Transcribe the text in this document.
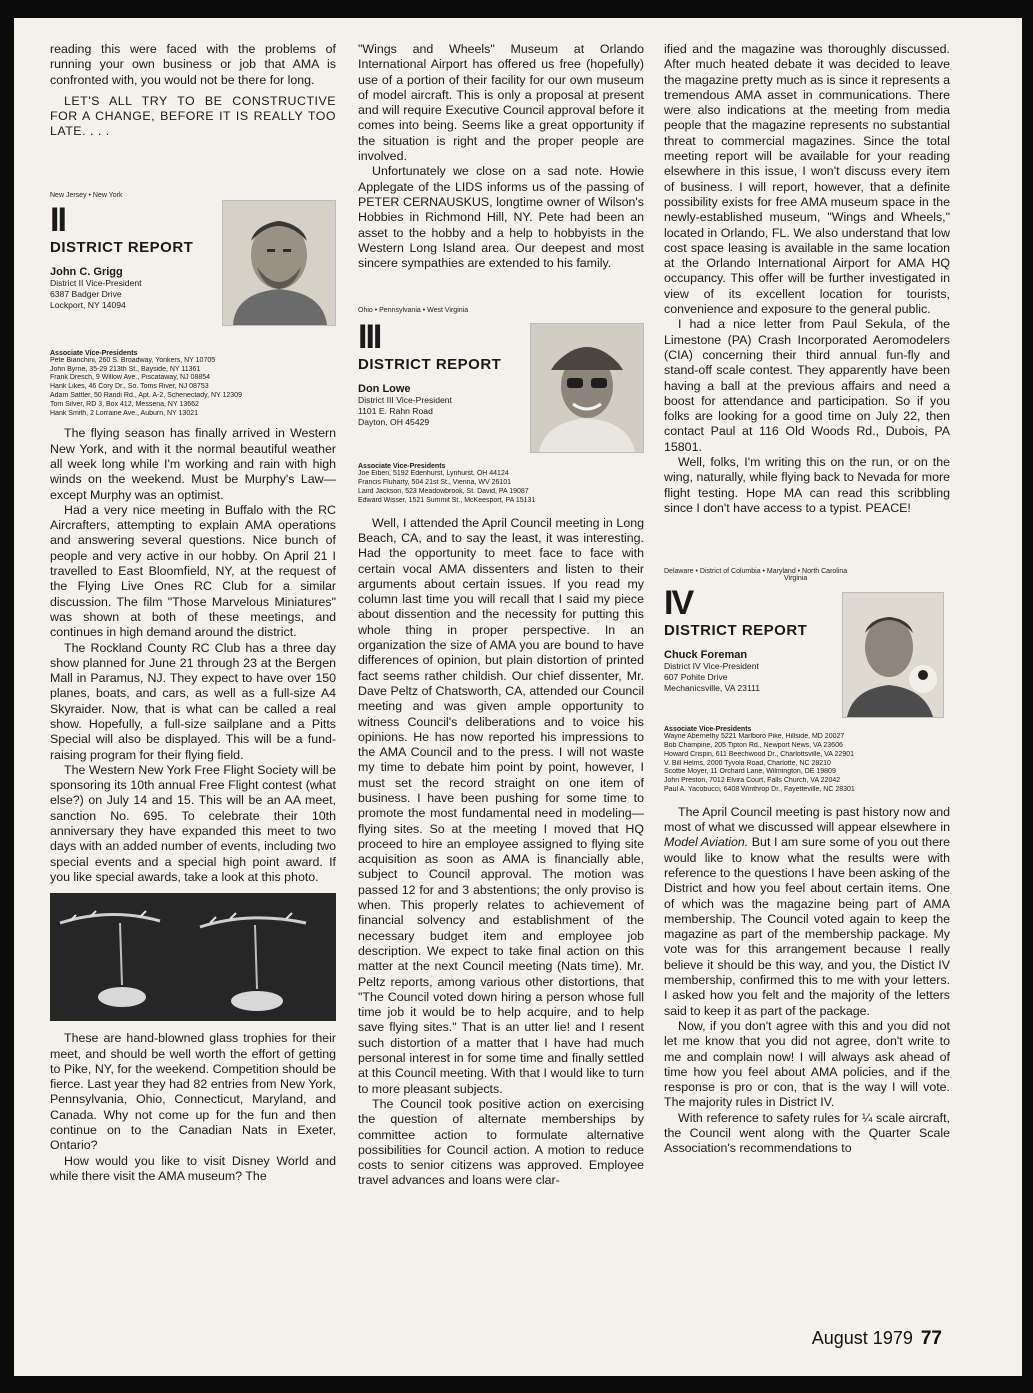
reading this were faced with the problems of running your own business or job that AMA is confronted with, you would not be there for long.

LET'S ALL TRY TO BE CONSTRUCTIVE FOR A CHANGE, BEFORE IT IS REALLY TOO LATE. . . .

New Jersey • New York
II
DISTRICT REPORT

John C. Grigg

District II Vice-President

6387 Badger Drive

Lockport, NY 14094

Associate Vice-Presidents

Pete Bianchini, 260 S. Broadway, Yonkers, NY 10705

John Byrne, 35-29 213th St., Bayside, NY 11361

Frank Dresch, 9 Willow Ave., Piscataway, NJ 08854

Hank Likes, 46 Cory Dr., So. Toms River, NJ 08753

Adam Sattler, 50 Randi Rd., Apt. A-2, Schenectady, NY 12309

Tom Silver, RD 3, Box 412, Messena, NY 13662

Hank Smith, 2 Lorraine Ave., Auburn, NY 13021

The flying season has finally arrived in Western New York, and with it the normal beautiful weather all week long while I'm working and rain with high winds on the weekend. Must be Murphy's Law—except Murphy was an optimist.

Had a very nice meeting in Buffalo with the RC Aircrafters, attempting to explain AMA operations and answering several questions. Nice bunch of people and very active in our hobby. On April 21 I travelled to East Bloomfield, NY, at the request of the Flying Live Ones RC Club for a similar discussion. The film "Those Marvelous Miniatures" was shown at both of these meetings, and continues in high demand around the district.

The Rockland County RC Club has a three day show planned for June 21 through 23 at the Bergen Mall in Paramus, NJ. They expect to have over 150 planes, boats, and cars, as well as a full-size A4 Skyraider. Now, that is what can be called a real show. Hopefully, a full-size sailplane and a Pitts Special will also be displayed. This will be a fund-raising program for their flying field.

The Western New York Free Flight Society will be sponsoring its 10th annual Free Flight contest (what else?) on July 14 and 15. This will be an AA meet, sanction No. 695. To celebrate their 10th anniversary they have expanded this meet to two days with an added number of events, including two special events and a special high point award. If you like special awards, take a look at this photo.

These are hand-blowned glass trophies for their meet, and should be well worth the effort of getting to Pike, NY, for the weekend. Competition should be fierce. Last year they had 82 entries from New York, Pennsylvania, Ohio, Connecticut, Maryland, and Canada. Why not come up for the fun and then continue on to the Canadian Nats in Exeter, Ontario?

How would you like to visit Disney World and while there visit the AMA museum? The

"Wings and Wheels" Museum at Orlando International Airport has offered us free (hopefully) use of a portion of their facility for our own museum of model aircraft. This is only a proposal at present and will require Executive Council approval before it comes into being. Seems like a great opportunity if the situation is right and the proper people are involved.

Unfortunately we close on a sad note. Howie Applegate of the LIDS informs us of the passing of PETER CERNAUSKUS, longtime owner of Wilson's Hobbies in Richmond Hill, NY. Pete had been an asset to the hobby and a help to hobbyists in the Western Long Island area. Our deepest and most sincere sympathies are extended to his family.

Ohio • Pennsylvania • West Virginia
III
DISTRICT REPORT

Don Lowe

District III Vice-President

1101 E. Rahn Road

Dayton, OH 45429

Associate Vice-Presidents

Joe Eiben, 5192 Edenhurst, Lynhurst, OH 44124

Francis Fluharty, 504 21st St., Vienna, WV 26101

Laird Jackson, 523 Meadowbrook, St. David, PA 19087

Edward Wisser, 1521 Summit St., McKeesport, PA 15131

Well, I attended the April Council meeting in Long Beach, CA, and to say the least, it was interesting. Had the opportunity to meet face to face with certain vocal AMA dissenters and listen to their arguments about certain issues. If you read my column last time you will recall that I said my piece about dissention and the necessity for putting this whole thing in proper perspective. In an organization the size of AMA you are bound to have differences of opinion, but plain distortion of printed fact seems rather childish. Our chief dissenter, Mr. Dave Peltz of Chatsworth, CA, attended our Council meeting and was given ample opportunity to witness Council's deliberations and to voice his opinions. He has now reported his impressions to the AMA Council and to the press. I will not waste my time to debate him point by point, however, I must set the record straight on one item of business. I have been pushing for some time to promote the most fundamental need in modeling—flying sites. So at the meeting I moved that HQ proceed to hire an employee assigned to flying site acquisition as soon as AMA is financially able, subject to Council approval. The motion was passed 12 for and 3 abstentions; the only proviso is when. This properly relates to achievement of financial solvency and establishment of the necessary budget item and employee job description. We expect to take final action on this matter at the next Council meeting (Nats time). Mr. Peltz reports, among various other distortions, that "The Council voted down hiring a person whose full time job it would be to help acquire, and to help save flying sites." That is an utter lie! and I resent such distortion of a matter that I have had much personal interest in for some time and finally settled at this Council meeting. With that I would like to turn to more pleasant subjects.

The Council took positive action on exercising the question of alternate memberships by committee action to formulate alternative possibilities for Council action. A motion to reduce costs to senior citizens was approved. Employee travel advances and loans were clar-

ified and the magazine was thoroughly discussed. After much heated debate it was decided to leave the magazine pretty much as is since it represents a tremendous AMA asset in communications. There were also indications at the meeting from media people that the magazine represents no substantial threat to commercial magazines. Since the total meeting report will be available for your reading elsewhere in this issue, I won't discuss every item of business. I will report, however, that a definite possibility exists for free AMA museum space in the newly-established museum, "Wings and Wheels," located in Orlando, FL. We also understand that low cost space leasing is available in the same location at the Orlando International Airport for AMA HQ occupancy. This offer will be further investigated in view of its excellent location for tourists, convenience and exposure to the general public.

I had a nice letter from Paul Sekula, of the Limestone (PA) Crash Incorporated Aeromodelers (CIA) concerning their third annual fun-fly and stand-off scale contest. They apparently have been having a ball at the previous affairs and need a boost for attendance and participation. So if you folks are looking for a good time on July 22, then contact Paul at 116 Old Woods Rd., Dubois, PA 15801.

Well, folks, I'm writing this on the run, or on the wing, naturally, while flying back to Nevada for more flight testing. Hope MA can read this scribbling since I don't have access to a typist. PEACE!

Delaware • District of Columbia • Maryland • North Carolina
Virginia
IV
DISTRICT REPORT

Chuck Foreman

District IV Vice-President

607 Pohite Drive

Mechanicsville, VA 23111

Associate Vice-Presidents

Wayne Abernethy 5221 Marlboro Pike, Hillside, MD 20027

Bob Champine, 205 Tipton Rd., Newport News, VA 23606

Howard Crispin, 611 Beechwood Dr., Charlottsville, VA 22901

V. Bill Helms, 2000 Tyvola Road, Charlotte, NC 28210

Scottie Moyer, 11 Orchard Lane, Wilmington, DE 19809

John Preston, 7012 Elvira Court, Falls Church, VA 22042

Paul A. Yacobucci, 6408 Winthrop Dr., Fayetteville, NC 28301

The April Council meeting is past history now and most of what we discussed will appear elsewhere in Model Aviation. But I am sure some of you out there would like to know what the results were with reference to the questions I have been asking of the District and how you feel about certain items. One of which was the magazine being part of AMA membership. The Council voted again to keep the magazine as part of the membership package. My vote was for this arrangement because I really believe it should be this way, and you, the Distict IV membership, confirmed this to me with your letters. I asked how you felt and the majority of the letters said to keep it as part of the package.

Now, if you don't agree with this and you did not let me know that you did not agree, don't write to me and complain now! I will always ask ahead of time how you feel about AMA policies, and if the response is pro or con, that is the way I will vote. The majority rules in District IV.

With reference to safety rules for ¼ scale aircraft, the Council went along with the Quarter Scale Association's recommendations to

August 1979 77
